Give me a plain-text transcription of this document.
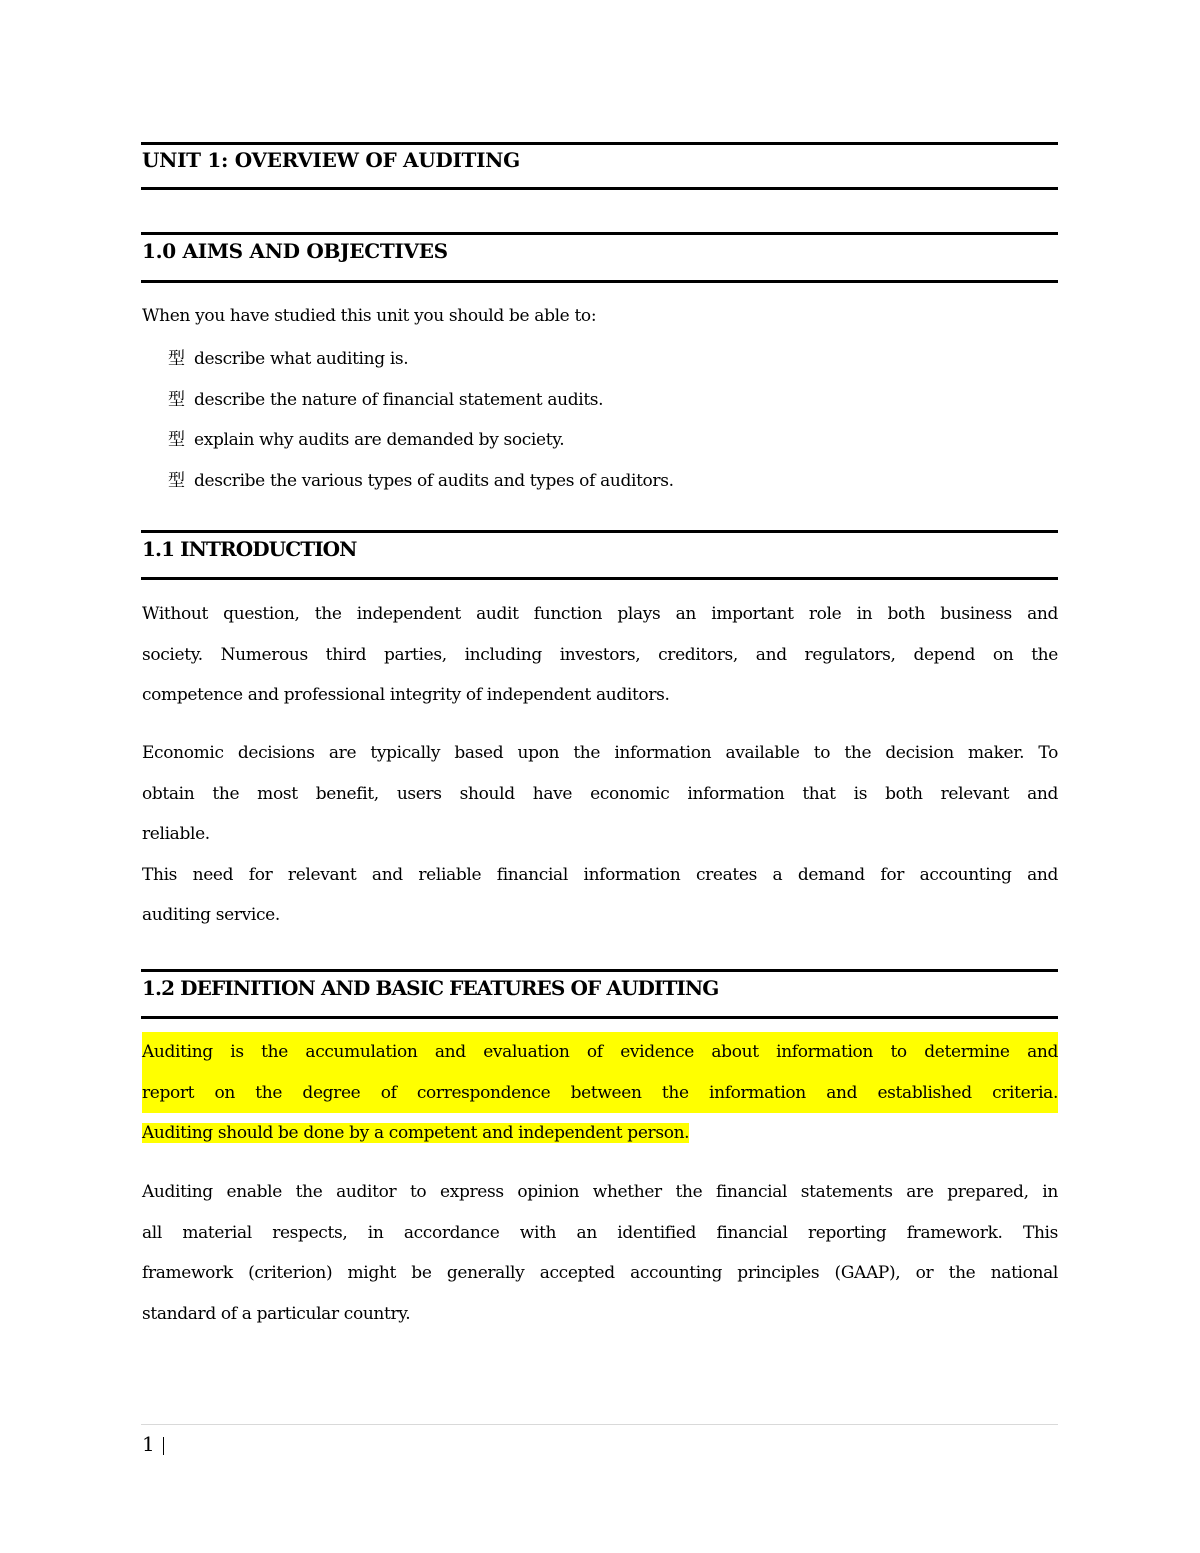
UNIT 1: OVERVIEW OF AUDITING
1.0 AIMS AND OBJECTIVES
When you have studied this unit you should be able to:
型 describe what auditing is.
型 describe the nature of financial statement audits.
型 explain why audits are demanded by society.
型 describe the various types of audits and types of auditors.
1.1 INTRODUCTION
Without question, the independent audit function plays an important role in both business and
society. Numerous third parties, including investors, creditors, and regulators, depend on the
competence and professional integrity of independent auditors.
Economic decisions are typically based upon the information available to the decision maker. To
obtain the most benefit, users should have economic information that is both relevant and
reliable.
This need for relevant and reliable financial information creates a demand for accounting and
auditing service.
1.2 DEFINITION AND BASIC FEATURES OF AUDITING
Auditing is the accumulation and evaluation of evidence about information to determine and
report on the degree of correspondence between the information and established criteria.
Auditing should be done by a competent and independent person.
Auditing enable the auditor to express opinion whether the financial statements are prepared, in
all material respects, in accordance with an identified financial reporting framework. This
framework (criterion) might be generally accepted accounting principles (GAAP), or the national
standard of a particular country.
1
